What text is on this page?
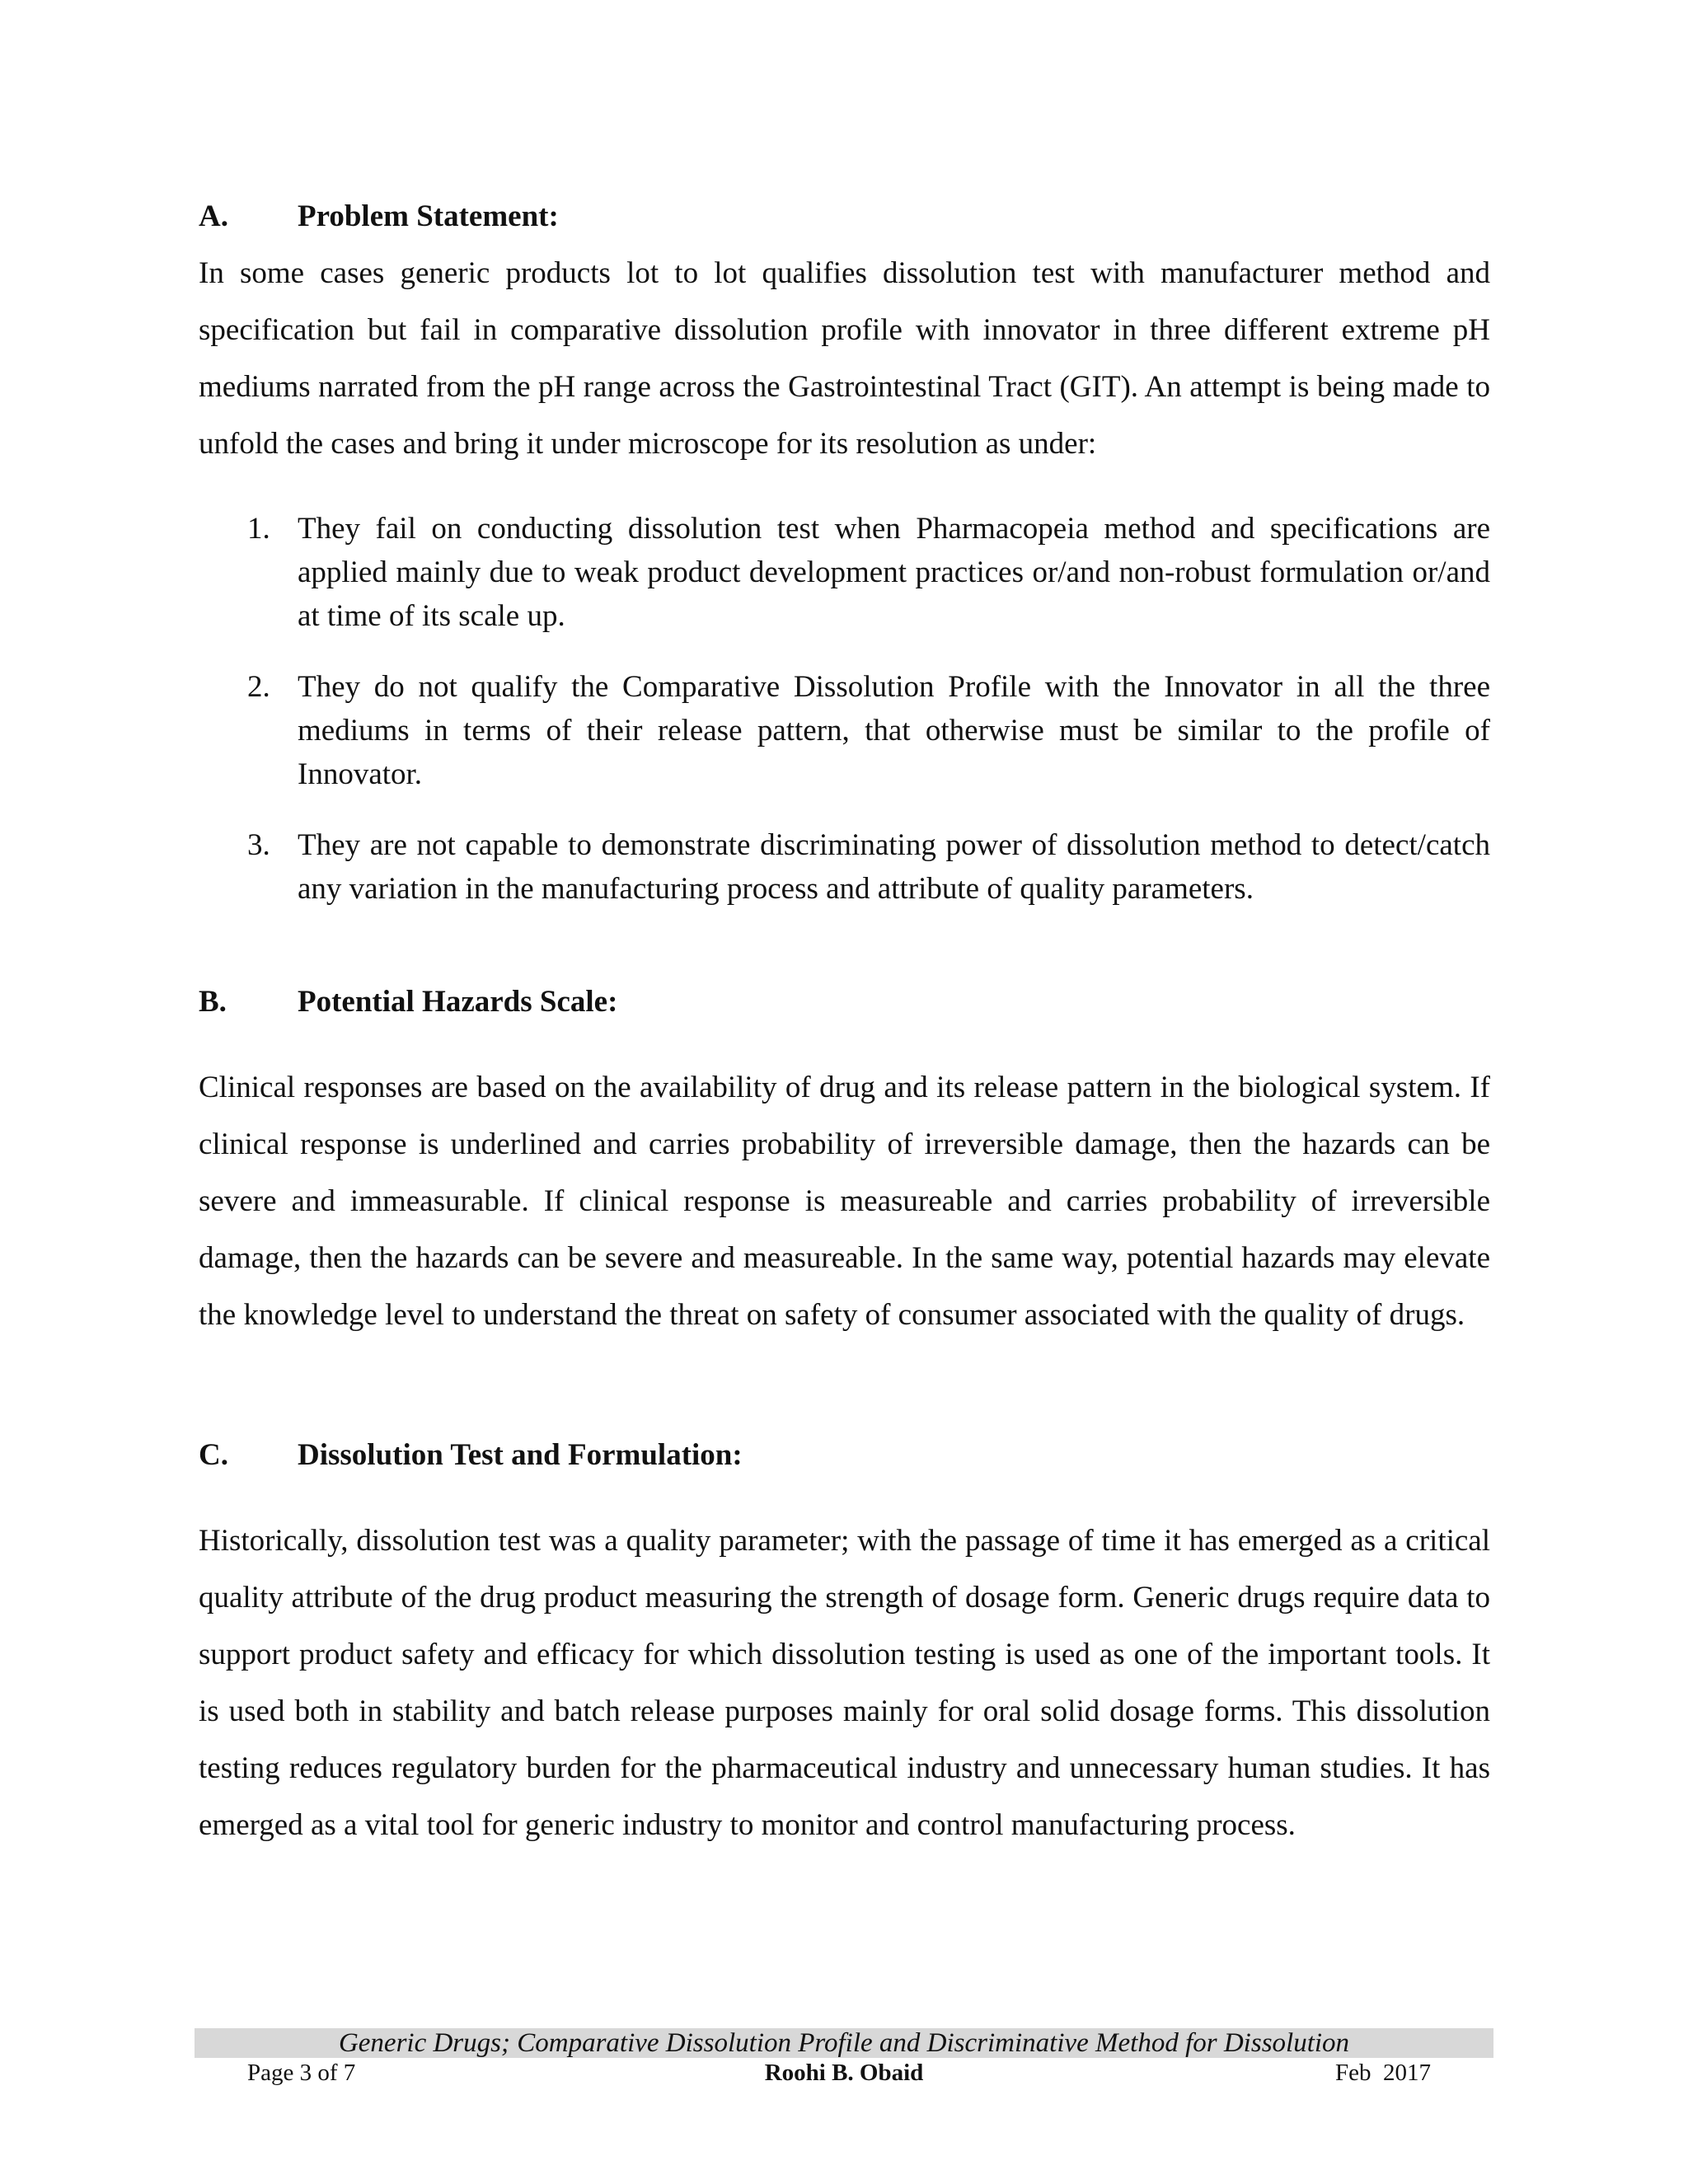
A. Problem Statement:
In some cases generic products lot to lot qualifies dissolution test with manufacturer method and specification but fail in comparative dissolution profile with innovator in three different extreme pH mediums narrated from the pH range across the Gastrointestinal Tract (GIT). An attempt is being made to unfold the cases and bring it under microscope for its resolution as under:
1. They fail on conducting dissolution test when Pharmacopeia method and specifications are applied mainly due to weak product development practices or/and non-robust formulation or/and at time of its scale up.
2. They do not qualify the Comparative Dissolution Profile with the Innovator in all the three mediums in terms of their release pattern, that otherwise must be similar to the profile of Innovator.
3. They are not capable to demonstrate discriminating power of dissolution method to detect/catch any variation in the manufacturing process and attribute of quality parameters.
B. Potential Hazards Scale:
Clinical responses are based on the availability of drug and its release pattern in the biological system. If clinical response is underlined and carries probability of irreversible damage, then the hazards can be severe and immeasurable. If clinical response is measureable and carries probability of irreversible damage, then the hazards can be severe and measureable. In the same way, potential hazards may elevate the knowledge level to understand the threat on safety of consumer associated with the quality of drugs.
C. Dissolution Test and Formulation:
Historically, dissolution test was a quality parameter; with the passage of time it has emerged as a critical quality attribute of the drug product measuring the strength of dosage form. Generic drugs require data to support product safety and efficacy for which dissolution testing is used as one of the important tools. It is used both in stability and batch release purposes mainly for oral solid dosage forms. This dissolution testing reduces regulatory burden for the pharmaceutical industry and unnecessary human studies. It has emerged as a vital tool for generic industry to monitor and control manufacturing process.
Generic Drugs; Comparative Dissolution Profile and Discriminative Method for Dissolution
Page 3 of 7	Roohi B. Obaid	Feb  2017
